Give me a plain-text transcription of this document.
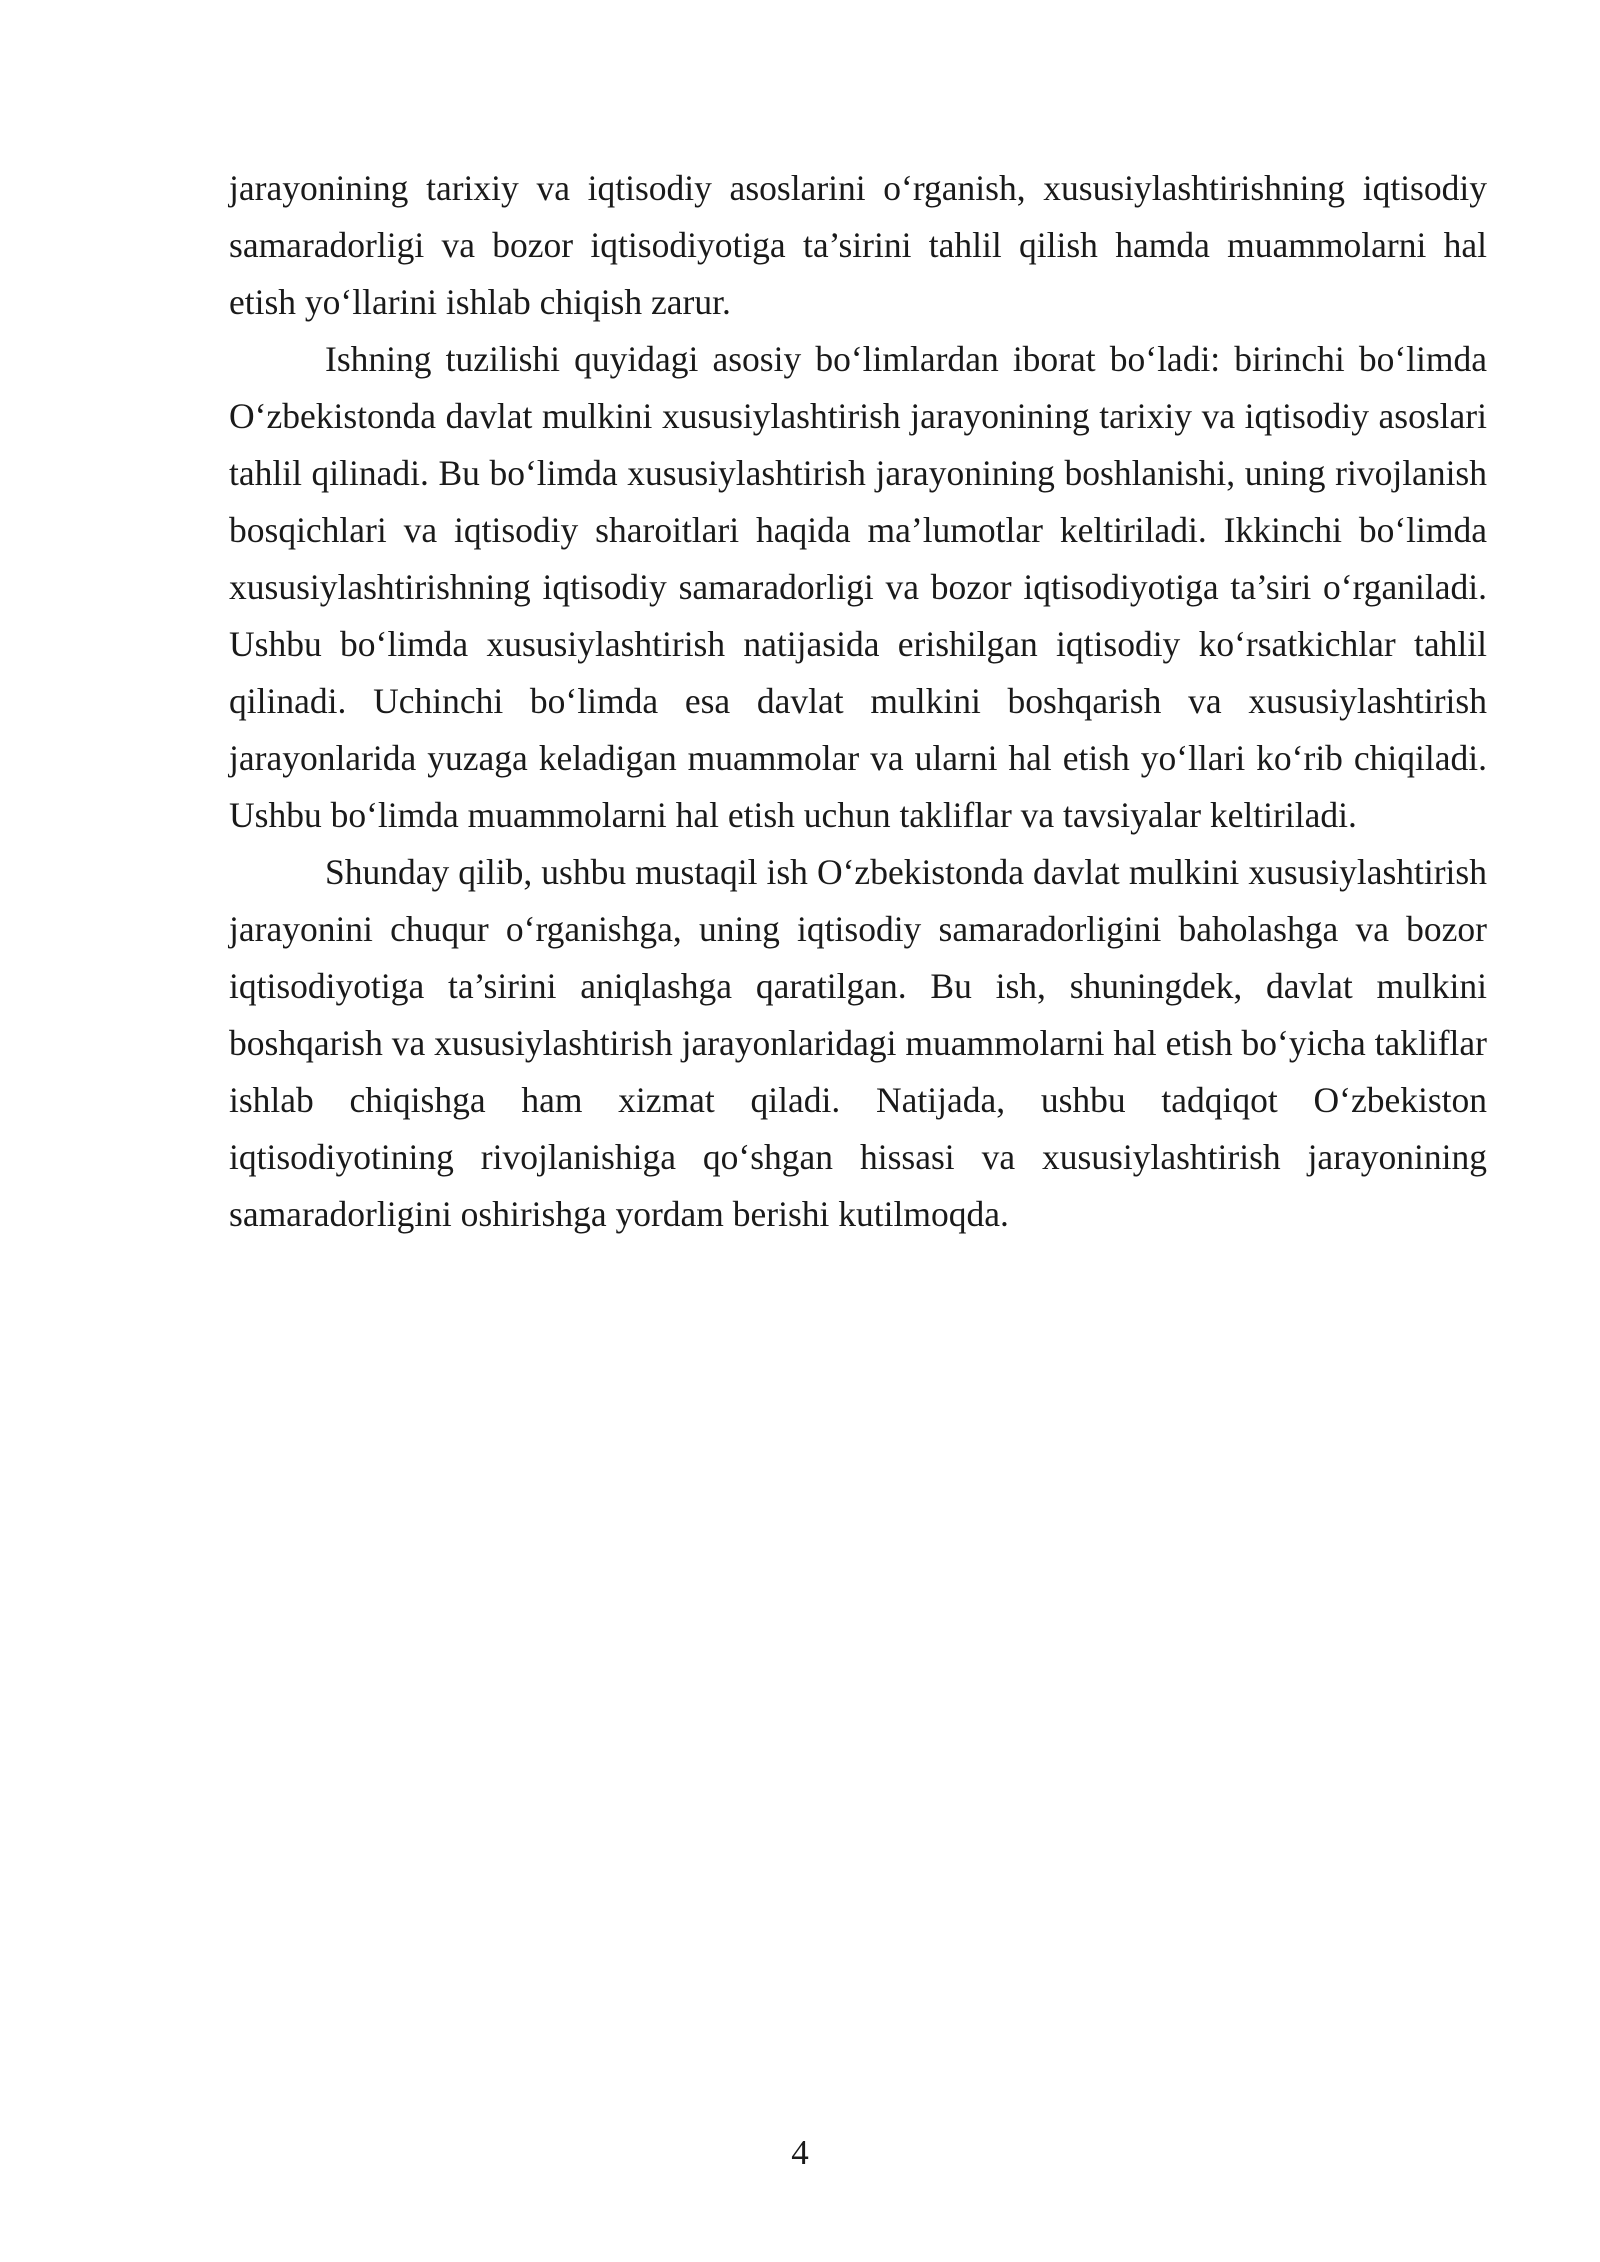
jarayonining tarixiy va iqtisodiy asoslarini o‘rganish, xususiylashtirishning iqtisodiy samaradorligi va bozor iqtisodiyotiga ta’sirini tahlil qilish hamda muammolarni hal etish yo‘llarini ishlab chiqish zarur.

Ishning tuzilishi quyidagi asosiy bo‘limlardan iborat bo‘ladi: birinchi bo‘limda O‘zbekistonda davlat mulkini xususiylashtirish jarayonining tarixiy va iqtisodiy asoslari tahlil qilinadi. Bu bo‘limda xususiylashtirish jarayonining boshlanishi, uning rivojlanish bosqichlari va iqtisodiy sharoitlari haqida ma’lumotlar keltiriladi. Ikkinchi bo‘limda xususiylashtirishning iqtisodiy samaradorligi va bozor iqtisodiyotiga ta’siri o‘rganiladi. Ushbu bo‘limda xususiylashtirish natijasida erishilgan iqtisodiy ko‘rsatkichlar tahlil qilinadi. Uchinchi bo‘limda esa davlat mulkini boshqarish va xususiylashtirish jarayonlarida yuzaga keladigan muammolar va ularni hal etish yo‘llari ko‘rib chiqiladi. Ushbu bo‘limda muammolarni hal etish uchun takliflar va tavsiyalar keltiriladi.

Shunday qilib, ushbu mustaqil ish O‘zbekistonda davlat mulkini xususiylashtirish jarayonini chuqur o‘rganishga, uning iqtisodiy samaradorligini baholashga va bozor iqtisodiyotiga ta’sirini aniqlashga qaratilgan. Bu ish, shuningdek, davlat mulkini boshqarish va xususiylashtirish jarayonlaridagi muammolarni hal etish bo‘yicha takliflar ishlab chiqishga ham xizmat qiladi. Natijada, ushbu tadqiqot O‘zbekiston iqtisodiyotining rivojlanishiga qo‘shgan hissasi va xususiylashtirish jarayonining samaradorligini oshirishga yordam berishi kutilmoqda.

4
